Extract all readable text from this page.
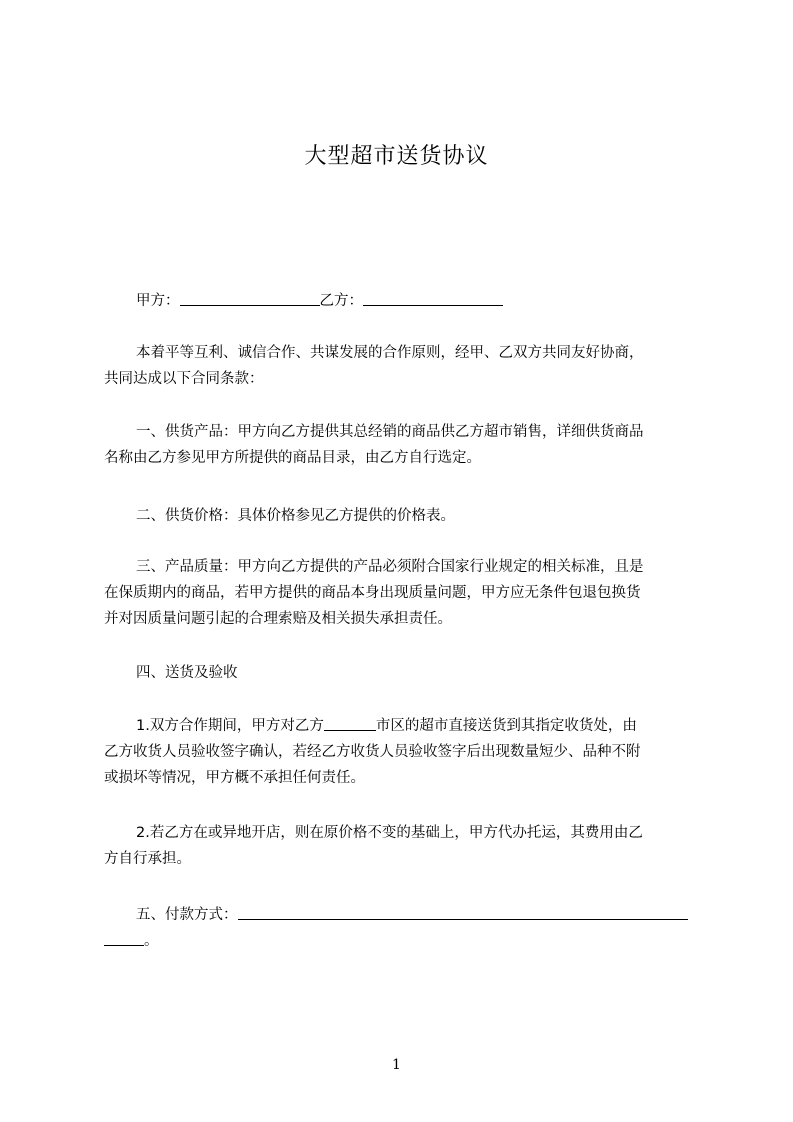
大型超市送货协议
甲方：	乙方：
本着平等互利、诚信合作、共谋发展的合作原则，经甲、乙双方共同友好协商，
共同达成以下合同条款：
一、供货产品：甲方向乙方提供其总经销的商品供乙方超市销售，详细供货商品
名称由乙方参见甲方所提供的商品目录，由乙方自行选定。
二、供货价格：具体价格参见乙方提供的价格表。
三、产品质量：甲方向乙方提供的产品必须附合国家行业规定的相关标准，且是
在保质期内的商品，若甲方提供的商品本身出现质量问题，甲方应无条件包退包换货
并对因质量问题引起的合理索赔及相关损失承担责任。
四、送货及验收
1.双方合作期间，甲方对乙方	市区的超市直接送货到其指定收货处，由
乙方收货人员验收签字确认，若经乙方收货人员验收签字后出现数量短少、品种不附
或损坏等情况，甲方概不承担任何责任。
2.若乙方在或异地开店，则在原价格不变的基础上，甲方代办托运，其费用由乙
方自行承担。
五、付款方式：
。
1
